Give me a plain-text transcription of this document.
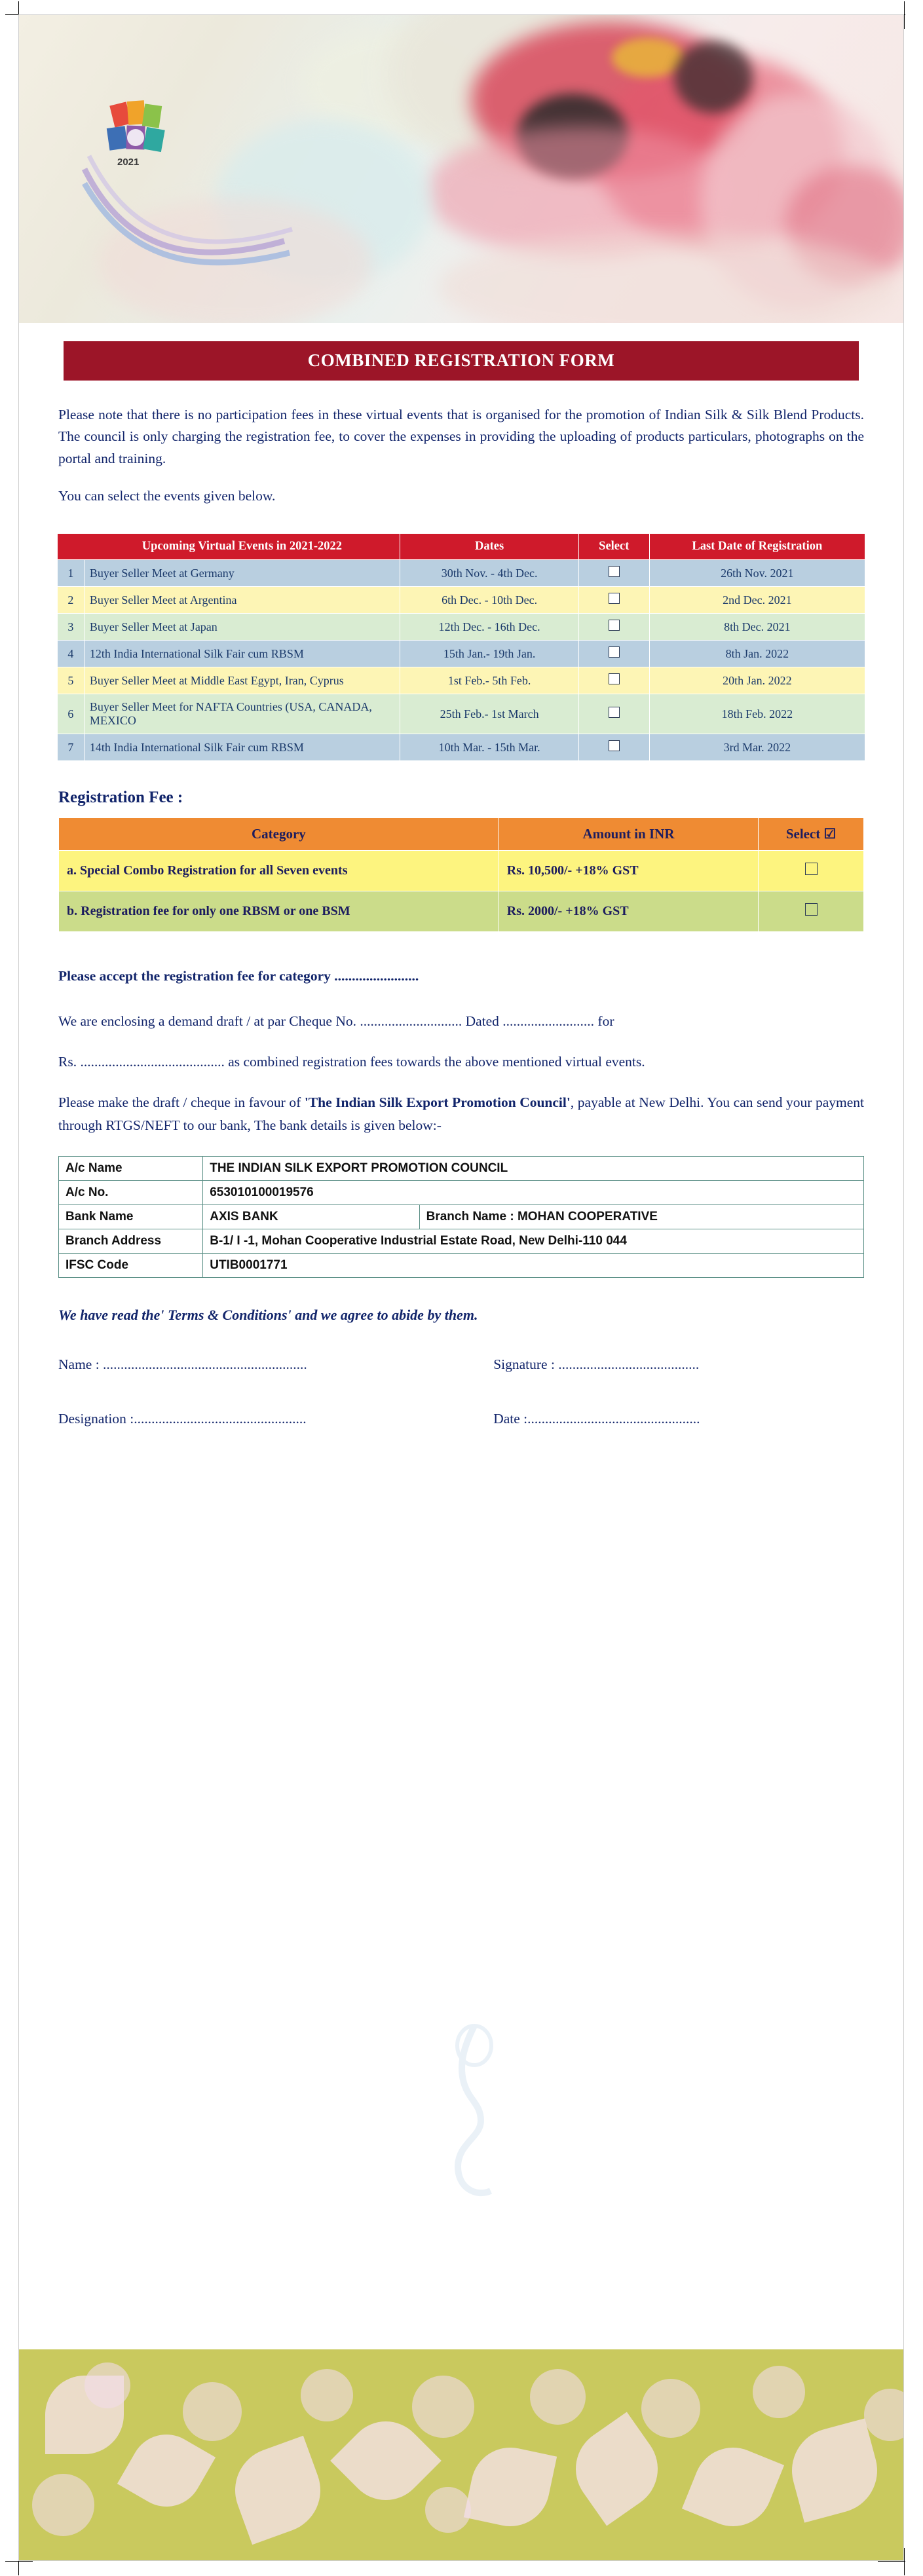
2021
COMBINED REGISTRATION FORM
Please note that there is no participation fees in these virtual events that is organised for the promotion of Indian Silk & Silk Blend Products. The council is only charging the registration fee, to cover the expenses in providing the uploading of products particulars, photographs on the portal and training.
You can select the events given below.
	Upcoming Virtual Events in 2021-2022	Dates	Select	Last Date of Registration
1	Buyer Seller Meet at Germany	30th Nov. - 4th Dec.		26th Nov. 2021
2	Buyer Seller Meet at Argentina	6th Dec. - 10th Dec.		2nd Dec. 2021
3	Buyer Seller Meet at Japan	12th Dec. - 16th Dec.		8th Dec. 2021
4	12th India International Silk Fair cum RBSM	15th Jan.- 19th Jan.		8th Jan. 2022
5	Buyer Seller Meet at Middle East Egypt, Iran, Cyprus	1st Feb.- 5th Feb.		20th Jan. 2022
6	Buyer Seller Meet for NAFTA Countries (USA, CANADA, MEXICO	25th Feb.- 1st March		18th Feb. 2022
7	14th India International Silk Fair cum RBSM	10th Mar. - 15th Mar.		3rd Mar. 2022
Registration Fee :
Category	Amount in INR	Select ☑
a. Special Combo Registration for all Seven events	Rs. 10,500/- +18% GST	
b. Registration fee for only one RBSM or one BSM	Rs. 2000/- +18% GST	
Please accept the registration fee for category ........................
We are enclosing a demand draft / at par Cheque No. ............................. Dated .......................... for
Rs. ......................................... as combined registration fees towards the above mentioned virtual events.
Please make the draft / cheque in favour of 'The Indian Silk Export Promotion Council', payable at New Delhi. You can send your payment through RTGS/NEFT to our bank, The bank details is given below:-
A/c Name	THE INDIAN SILK EXPORT PROMOTION COUNCIL	
A/c No.	653010100019576	
Bank Name	AXIS BANK	Branch Name : MOHAN COOPERATIVE
Branch Address	B-1/ I -1, Mohan Cooperative Industrial Estate Road, New Delhi-110 044	
IFSC Code	UTIB0001771	
We have read the' Terms & Conditions' and we agree to abide by them.
Name : ..........................................................	Signature : ........................................
Designation :.................................................	Date :.................................................
